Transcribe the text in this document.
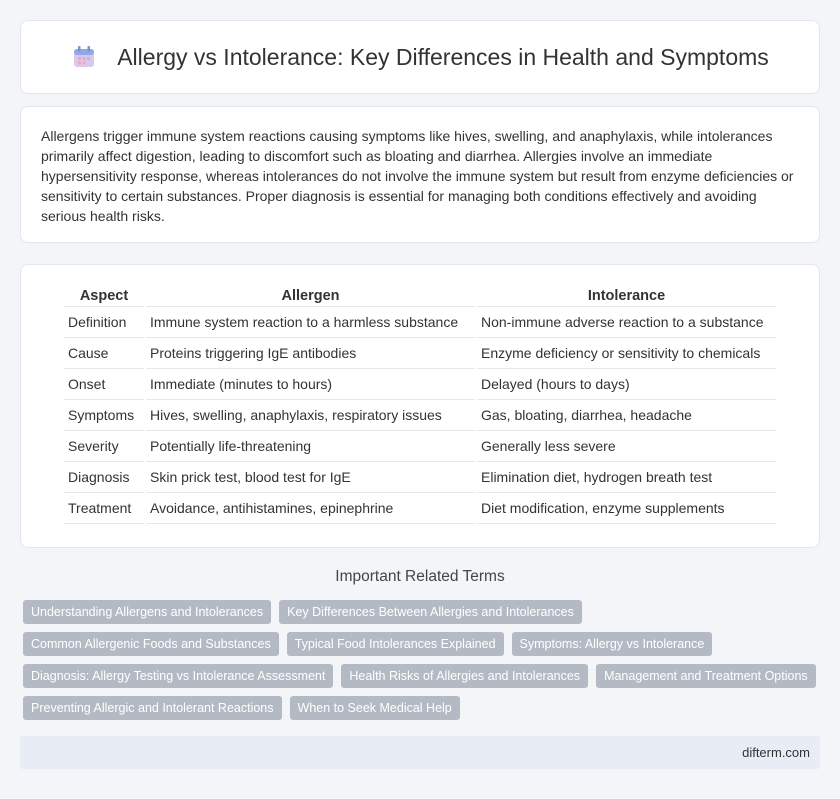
Allergy vs Intolerance: Key Differences in Health and Symptoms

Allergens trigger immune system reactions causing symptoms like hives, swelling, and anaphylaxis, while intolerances primarily affect digestion, leading to discomfort such as bloating and diarrhea. Allergies involve an immediate hypersensitivity response, whereas intolerances do not involve the immune system but result from enzyme deficiencies or sensitivity to certain substances. Proper diagnosis is essential for managing both conditions effectively and avoiding serious health risks.

Aspect	Allergen	Intolerance
Definition	Immune system reaction to a harmless substance	Non-immune adverse reaction to a substance
Cause	Proteins triggering IgE antibodies	Enzyme deficiency or sensitivity to chemicals
Onset	Immediate (minutes to hours)	Delayed (hours to days)
Symptoms	Hives, swelling, anaphylaxis, respiratory issues	Gas, bloating, diarrhea, headache
Severity	Potentially life-threatening	Generally less severe
Diagnosis	Skin prick test, blood test for IgE	Elimination diet, hydrogen breath test
Treatment	Avoidance, antihistamines, epinephrine	Diet modification, enzyme supplements
Important Related Terms
Understanding Allergens and Intolerances	Key Differences Between Allergies and Intolerances
Common Allergenic Foods and Substances	Typical Food Intolerances Explained	Symptoms: Allergy vs Intolerance
Diagnosis: Allergy Testing vs Intolerance Assessment	Health Risks of Allergies and Intolerances	Management and Treatment Options
Preventing Allergic and Intolerant Reactions	When to Seek Medical Help
difterm.com
